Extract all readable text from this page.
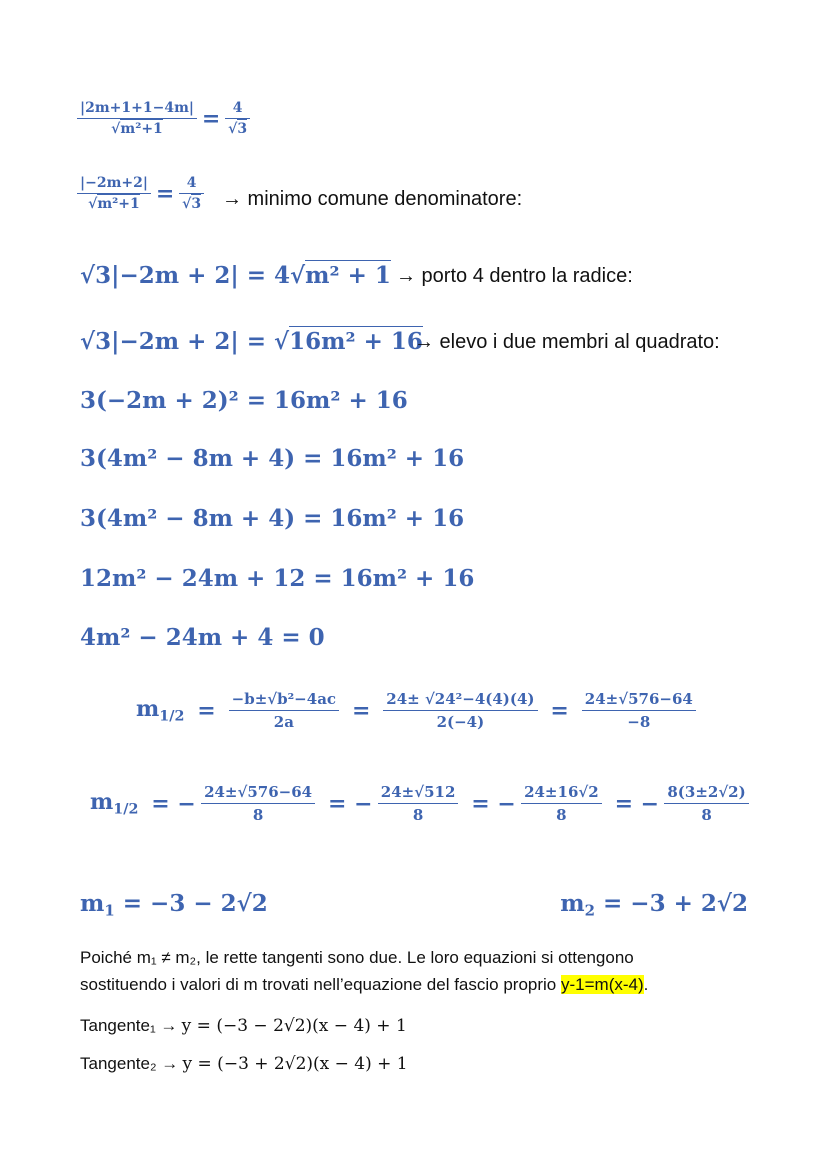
$\frac{|2m+1+1-4m|}{\text{√m²+1}} = \frac{4}{√3}$
$\frac{|-2m+2|}{\text{√m²+1}} = \frac{4}{√3}$ → minimo comune denominatore:
√3|−2m + 2| = 4√m² + 1 → porto 4 dentro la radice:
√3|−2m + 2| = √16m² + 16
→ elevo i due membri al quadrato:
3(−2m + 2)² = 16m² + 16
3(4m² − 8m + 4) = 16m² + 16
3(4m² − 8m + 4) = 16m² + 16
12m² − 24m + 12 = 16m² + 16
4m² − 24m + 4 = 0
$m_{1/2} = \frac{\text{−b±√b²−4ac}}{2a} = \frac{\text{24± √24²−4(4)(4)}}{2(-4)} = \frac{24\pm√576-64}{-8}$
$m_{1/2}$  = − $\frac{24\pm√576-64}{8}$ = − $\frac{24\pm√512}{8}$ = − $\frac{24\pm 16√2}{8}$ = − $\frac{8(3\pm 2√2)}{8}$
$m_1 = -3 - 2√2$	$m_2 = -3 + 2√2$
Poiché m₁ ≠ m₂, le rette tangenti sono due. Le loro equazioni si ottengono
sostituendo i valori di m trovati nell’equazione del fascio proprio y-1=m(x-4).
Tangente₁ → y = (−3 − 2√2)(x − 4) + 1
Tangente₂ → y = (−3 + 2√2)(x − 4) + 1
